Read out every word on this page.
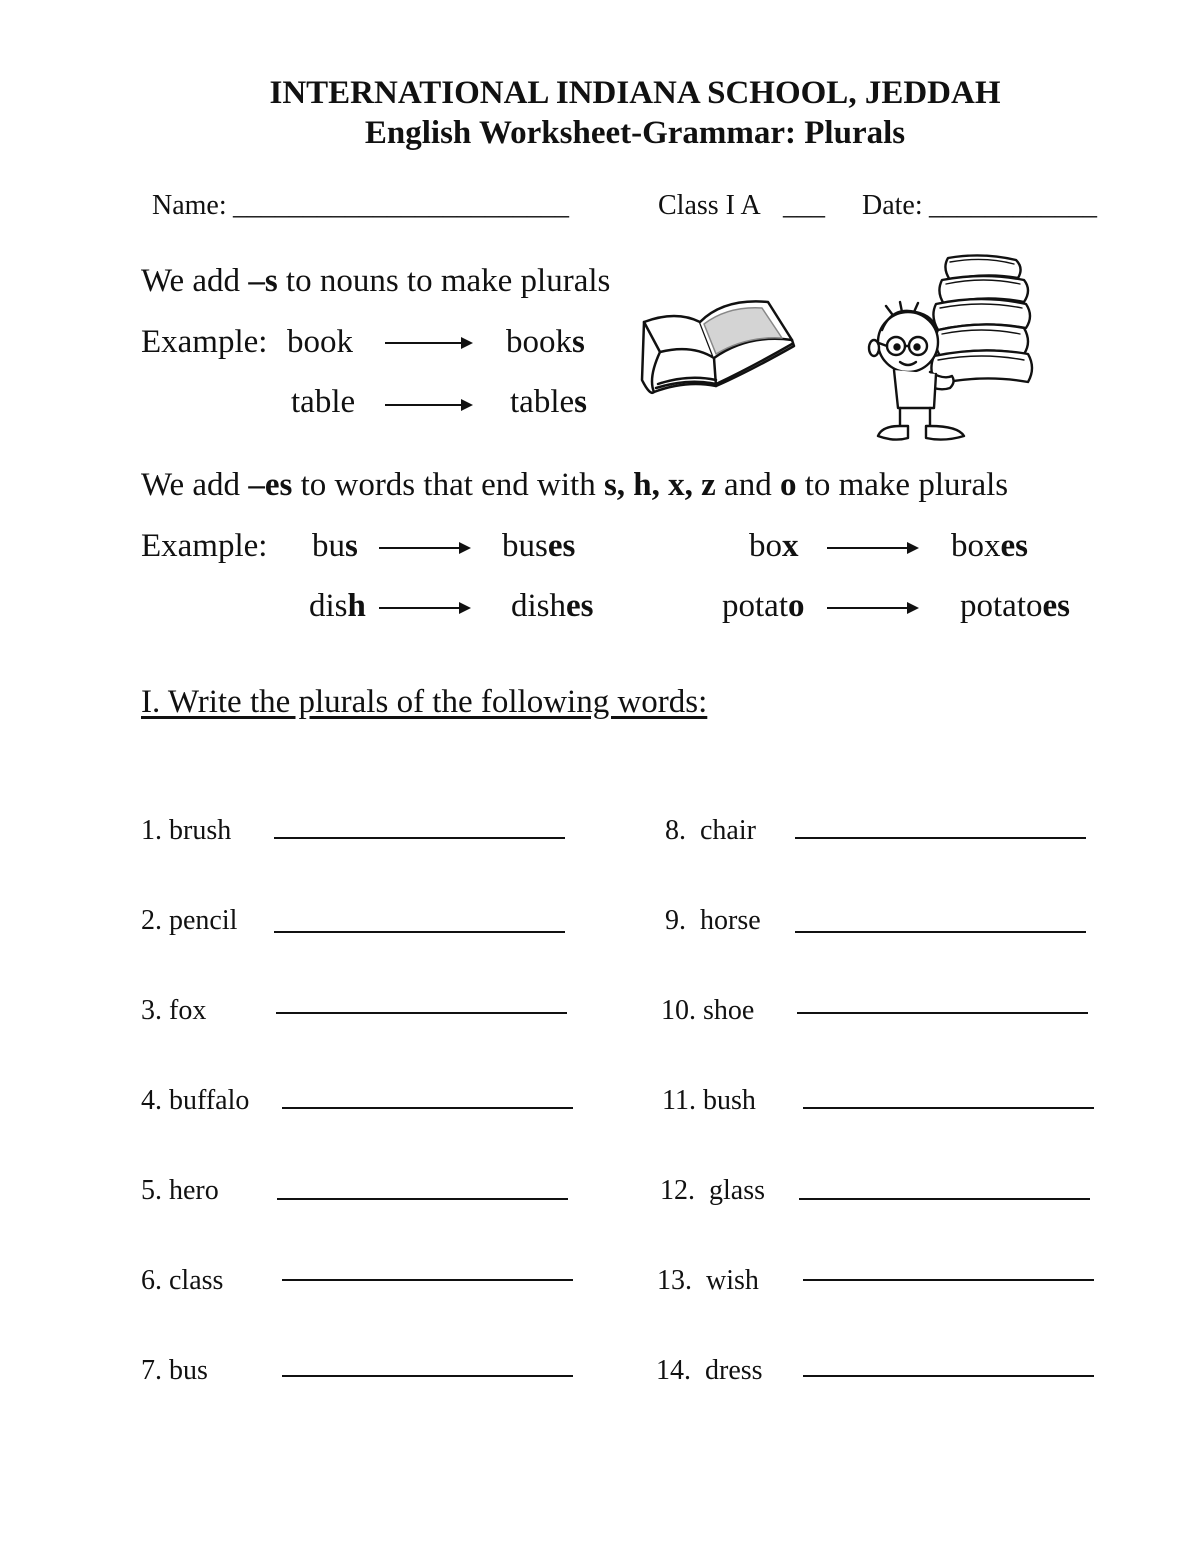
INTERNATIONAL INDIANA SCHOOL, JEDDAH
English Worksheet-Grammar: Plurals
Name: ________________________	Class I A ___ Date: ____________
We add –s to nouns to make plurals
Example: book	books
table	tables
We add –es to words that end with s, h, x, z and o to make plurals
Example: bus	buses	box	boxes
dish	dishes	potato	potatoes
I. Write the plurals of the following words:
1. brush
2. pencil
3. fox
4. buffalo
5. hero
6. class
7. bus
8.  chair
9.  horse
10. shoe
11. bush
12.  glass
13.  wish
14.  dress
